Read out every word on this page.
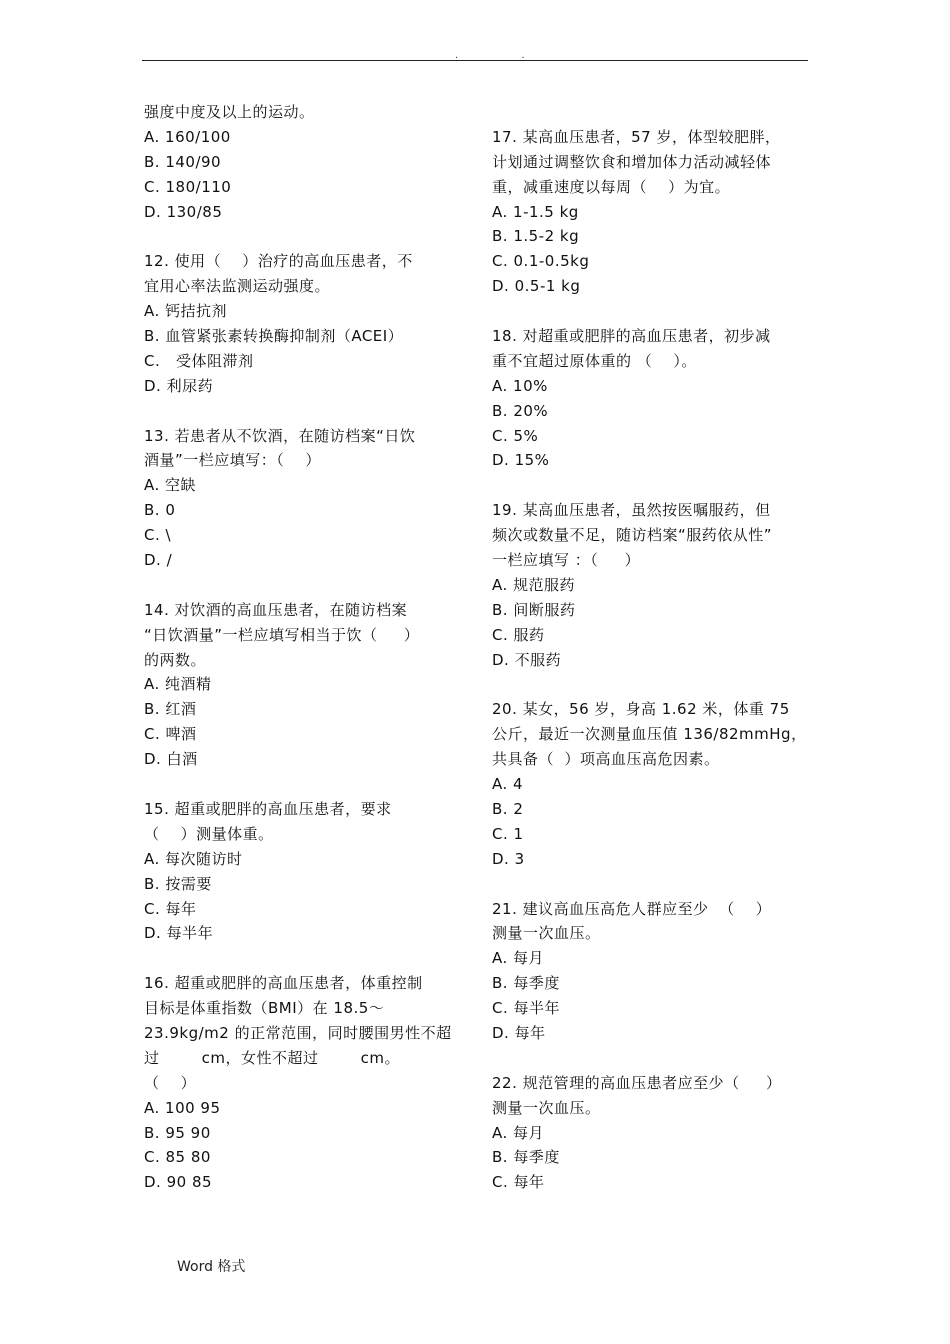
. .
强度中度及以上的运动。
A. 160/100
B. 140/90
C. 180/110
D. 130/85
12. 使用（    ）治疗的高血压患者，不
宜用心率法监测运动强度。
A. 钙拮抗剂
B. 血管紧张素转换酶抑制剂（ACEI）
C.   受体阻滞剂
D. 利尿药
13. 若患者从不饮酒，在随访档案“日饮
酒量”一栏应填写：（    ）
A. 空缺
B. 0
C. \
D. /
14. 对饮酒的高血压患者，在随访档案
“日饮酒量”一栏应填写相当于饮（     ）
的两数。
A. 纯酒精
B. 红酒
C. 啤酒
D. 白酒
15. 超重或肥胖的高血压患者，要求
（    ）测量体重。
A. 每次随访时
B. 按需要
C. 每年
D. 每半年
16. 超重或肥胖的高血压患者，体重控制
目标是体重指数（BMI）在 18.5～
23.9kg/m2 的正常范围，同时腰围男性不超
过        cm，女性不超过        cm。
（    ）
A. 100 95
B. 95 90
C. 85 80
D. 90 85
17. 某高血压患者，57 岁，体型较肥胖，
计划通过调整饮食和增加体力活动减轻体
重，减重速度以每周（    ）为宜。
A. 1-1.5 kg
B. 1.5-2 kg
C. 0.1-0.5kg
D. 0.5-1 kg
18. 对超重或肥胖的高血压患者，初步减
重不宜超过原体重的 （    ）。
A. 10%
B. 20%
C. 5%
D. 15%
19. 某高血压患者，虽然按医嘱服药，但
频次或数量不足，随访档案“服药依从性”
一栏应填写 ：（     ）
A. 规范服药
B. 间断服药
C. 服药
D. 不服药
20. 某女，56 岁，身高 1.62 米，体重 75
公斤，最近一次测量血压值 136/82mmHg，
共具备（  ）项高血压高危因素。
A. 4
B. 2
C. 1
D. 3
21. 建议高血压高危人群应至少  （    ）
测量一次血压。
A. 每月
B. 每季度
C. 每半年
D. 每年
22. 规范管理的高血压患者应至少（     ）
测量一次血压。
A. 每月
B. 每季度
C. 每年
Word 格式
